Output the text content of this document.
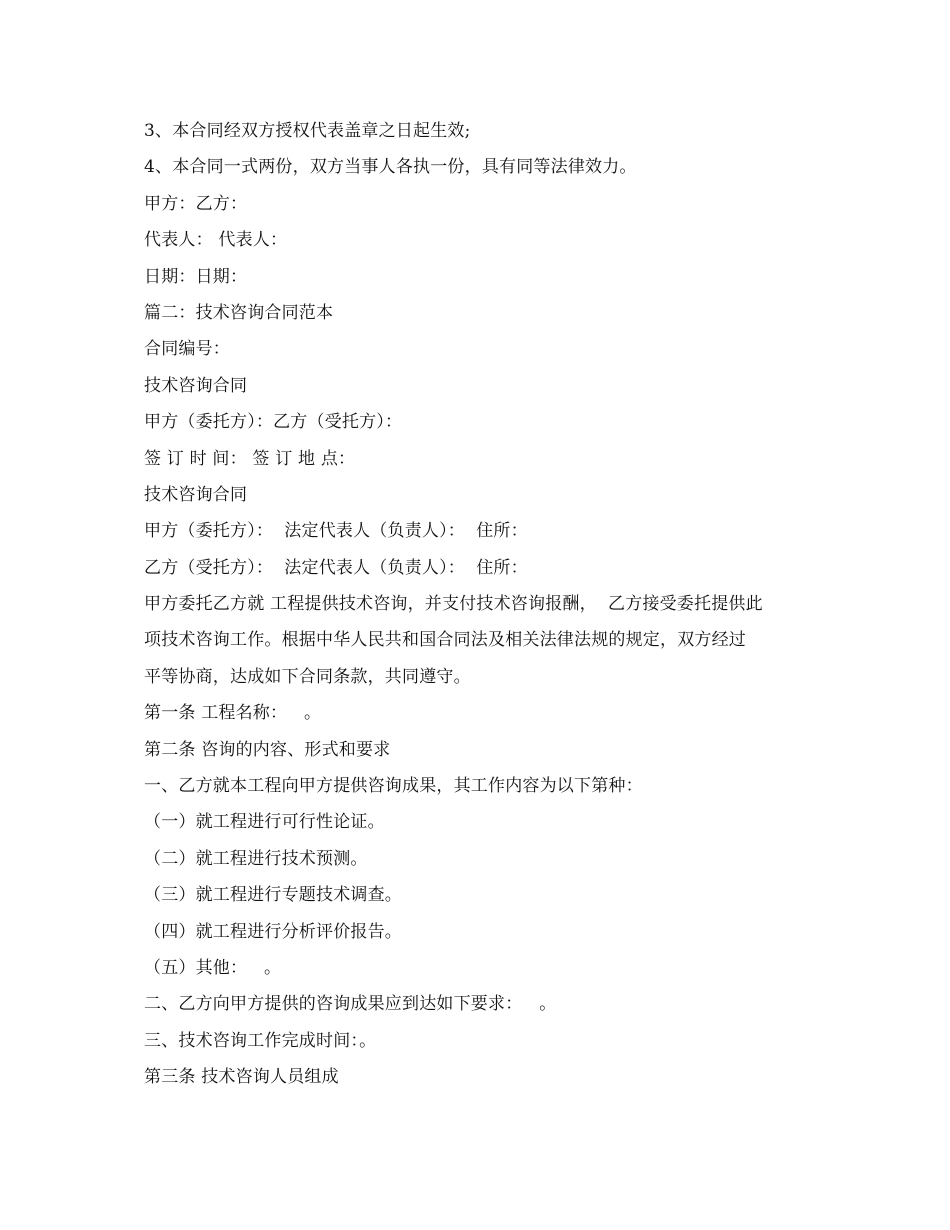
3、本合同经双方授权代表盖章之日起生效;
4、本合同一式两份，双方当事人各执一份，具有同等法律效力。
甲方：乙方：
代表人： 代表人：
日期：日期：
篇二：技术咨询合同范本
合同编号：
技术咨询合同
甲方（委托方）：乙方（受托方）：
签 订 时 间： 签 订 地 点：
技术咨询合同
甲方（委托方）：  法定代表人（负责人）：  住所：
乙方（受托方）：  法定代表人（负责人）：  住所：
甲方委托乙方就 工程提供技术咨询，并支付技术咨询报酬，  乙方接受委托提供此
项技术咨询工作。根据中华人民共和国合同法及相关法律法规的规定，双方经过
平等协商，达成如下合同条款，共同遵守。
第一条 工程名称：   。
第二条 咨询的内容、形式和要求
一、乙方就本工程向甲方提供咨询成果，其工作内容为以下第种：
（一）就工程进行可行性论证。
（二）就工程进行技术预测。
（三）就工程进行专题技术调查。
（四）就工程进行分析评价报告。
（五）其他：   。
二、乙方向甲方提供的咨询成果应到达如下要求：   。
三、技术咨询工作完成时间：。
第三条 技术咨询人员组成
